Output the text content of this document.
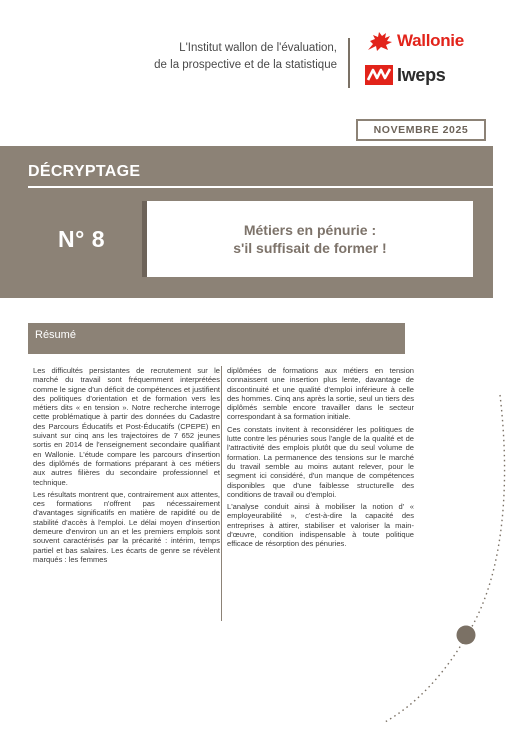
L'Institut wallon de l'évaluation,
de la prospective et de la statistique
Wallonie
Iweps
NOVEMBRE 2025
DÉCRYPTAGE
N° 8	Métiers en pénurie :
s'il suffisait de former !
Résumé

Les difficultés persistantes de recrutement sur le marché du travail sont fréquemment interprétées comme le signe d'un déficit de compétences et justifient des politiques d'orientation et de formation vers les métiers dits « en tension ». Notre recherche interroge cette problématique à partir des données du Cadastre des Parcours Éducatifs et Post-Éducatifs (CPEPE) en suivant sur cinq ans les trajectoires de 7 652 jeunes sortis en 2014 de l'enseignement secondaire qualifiant en Wallonie. L'étude compare les parcours d'insertion des diplômés de formations préparant à ces métiers aux autres filières du secondaire professionnel et technique.

Les résultats montrent que, contrairement aux attentes, ces formations n'offrent pas nécessairement d'avantages significatifs en matière de rapidité ou de stabilité d'accès à l'emploi. Le délai moyen d'insertion demeure d'environ un an et les premiers emplois sont souvent caractérisés par la précarité : intérim, temps partiel et bas salaires. Les écarts de genre se révèlent marqués : les femmes

diplômées de formations aux métiers en tension connaissent une insertion plus lente, davantage de discontinuité et une qualité d'emploi inférieure à celle des hommes. Cinq ans après la sortie, seul un tiers des diplômés semble encore travailler dans le secteur correspondant à sa formation initiale.

Ces constats invitent à reconsidérer les politiques de lutte contre les pénuries sous l'angle de la qualité et de l'attractivité des emplois plutôt que du seul volume de formation. La permanence des tensions sur le marché du travail semble au moins autant relever, pour le segment ici considéré, d'un manque de compétences disponibles que d'une faiblesse structurelle des conditions de travail ou d'emploi.

L'analyse conduit ainsi à mobiliser la notion d' « employeurabilité », c'est-à-dire la capacité des entreprises à attirer, stabiliser et valoriser la main-d'œuvre, condition indispensable à toute politique efficace de résorption des pénuries.
